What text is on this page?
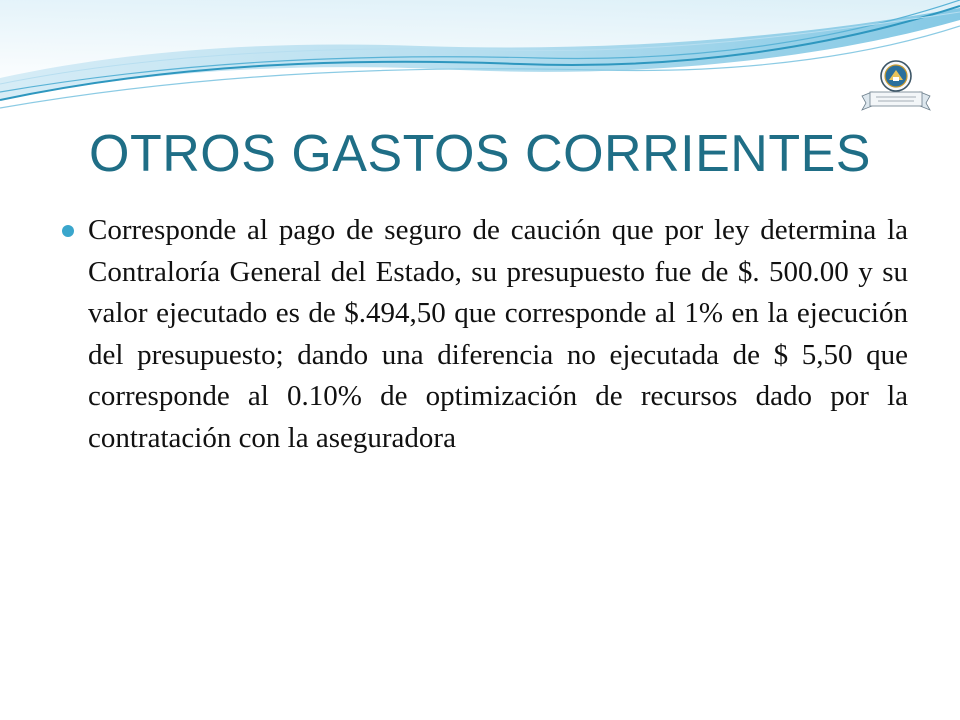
OTROS GASTOS CORRIENTES
Corresponde al pago de seguro de caución que por ley determina la Contraloría General del Estado, su presupuesto fue de $. 500.00 y su valor ejecutado es de $.494,50 que corresponde al 1% en la ejecución del presupuesto; dando una diferencia no ejecutada de $ 5,50 que corresponde al 0.10% de optimización de recursos dado por la contratación con la aseguradora
